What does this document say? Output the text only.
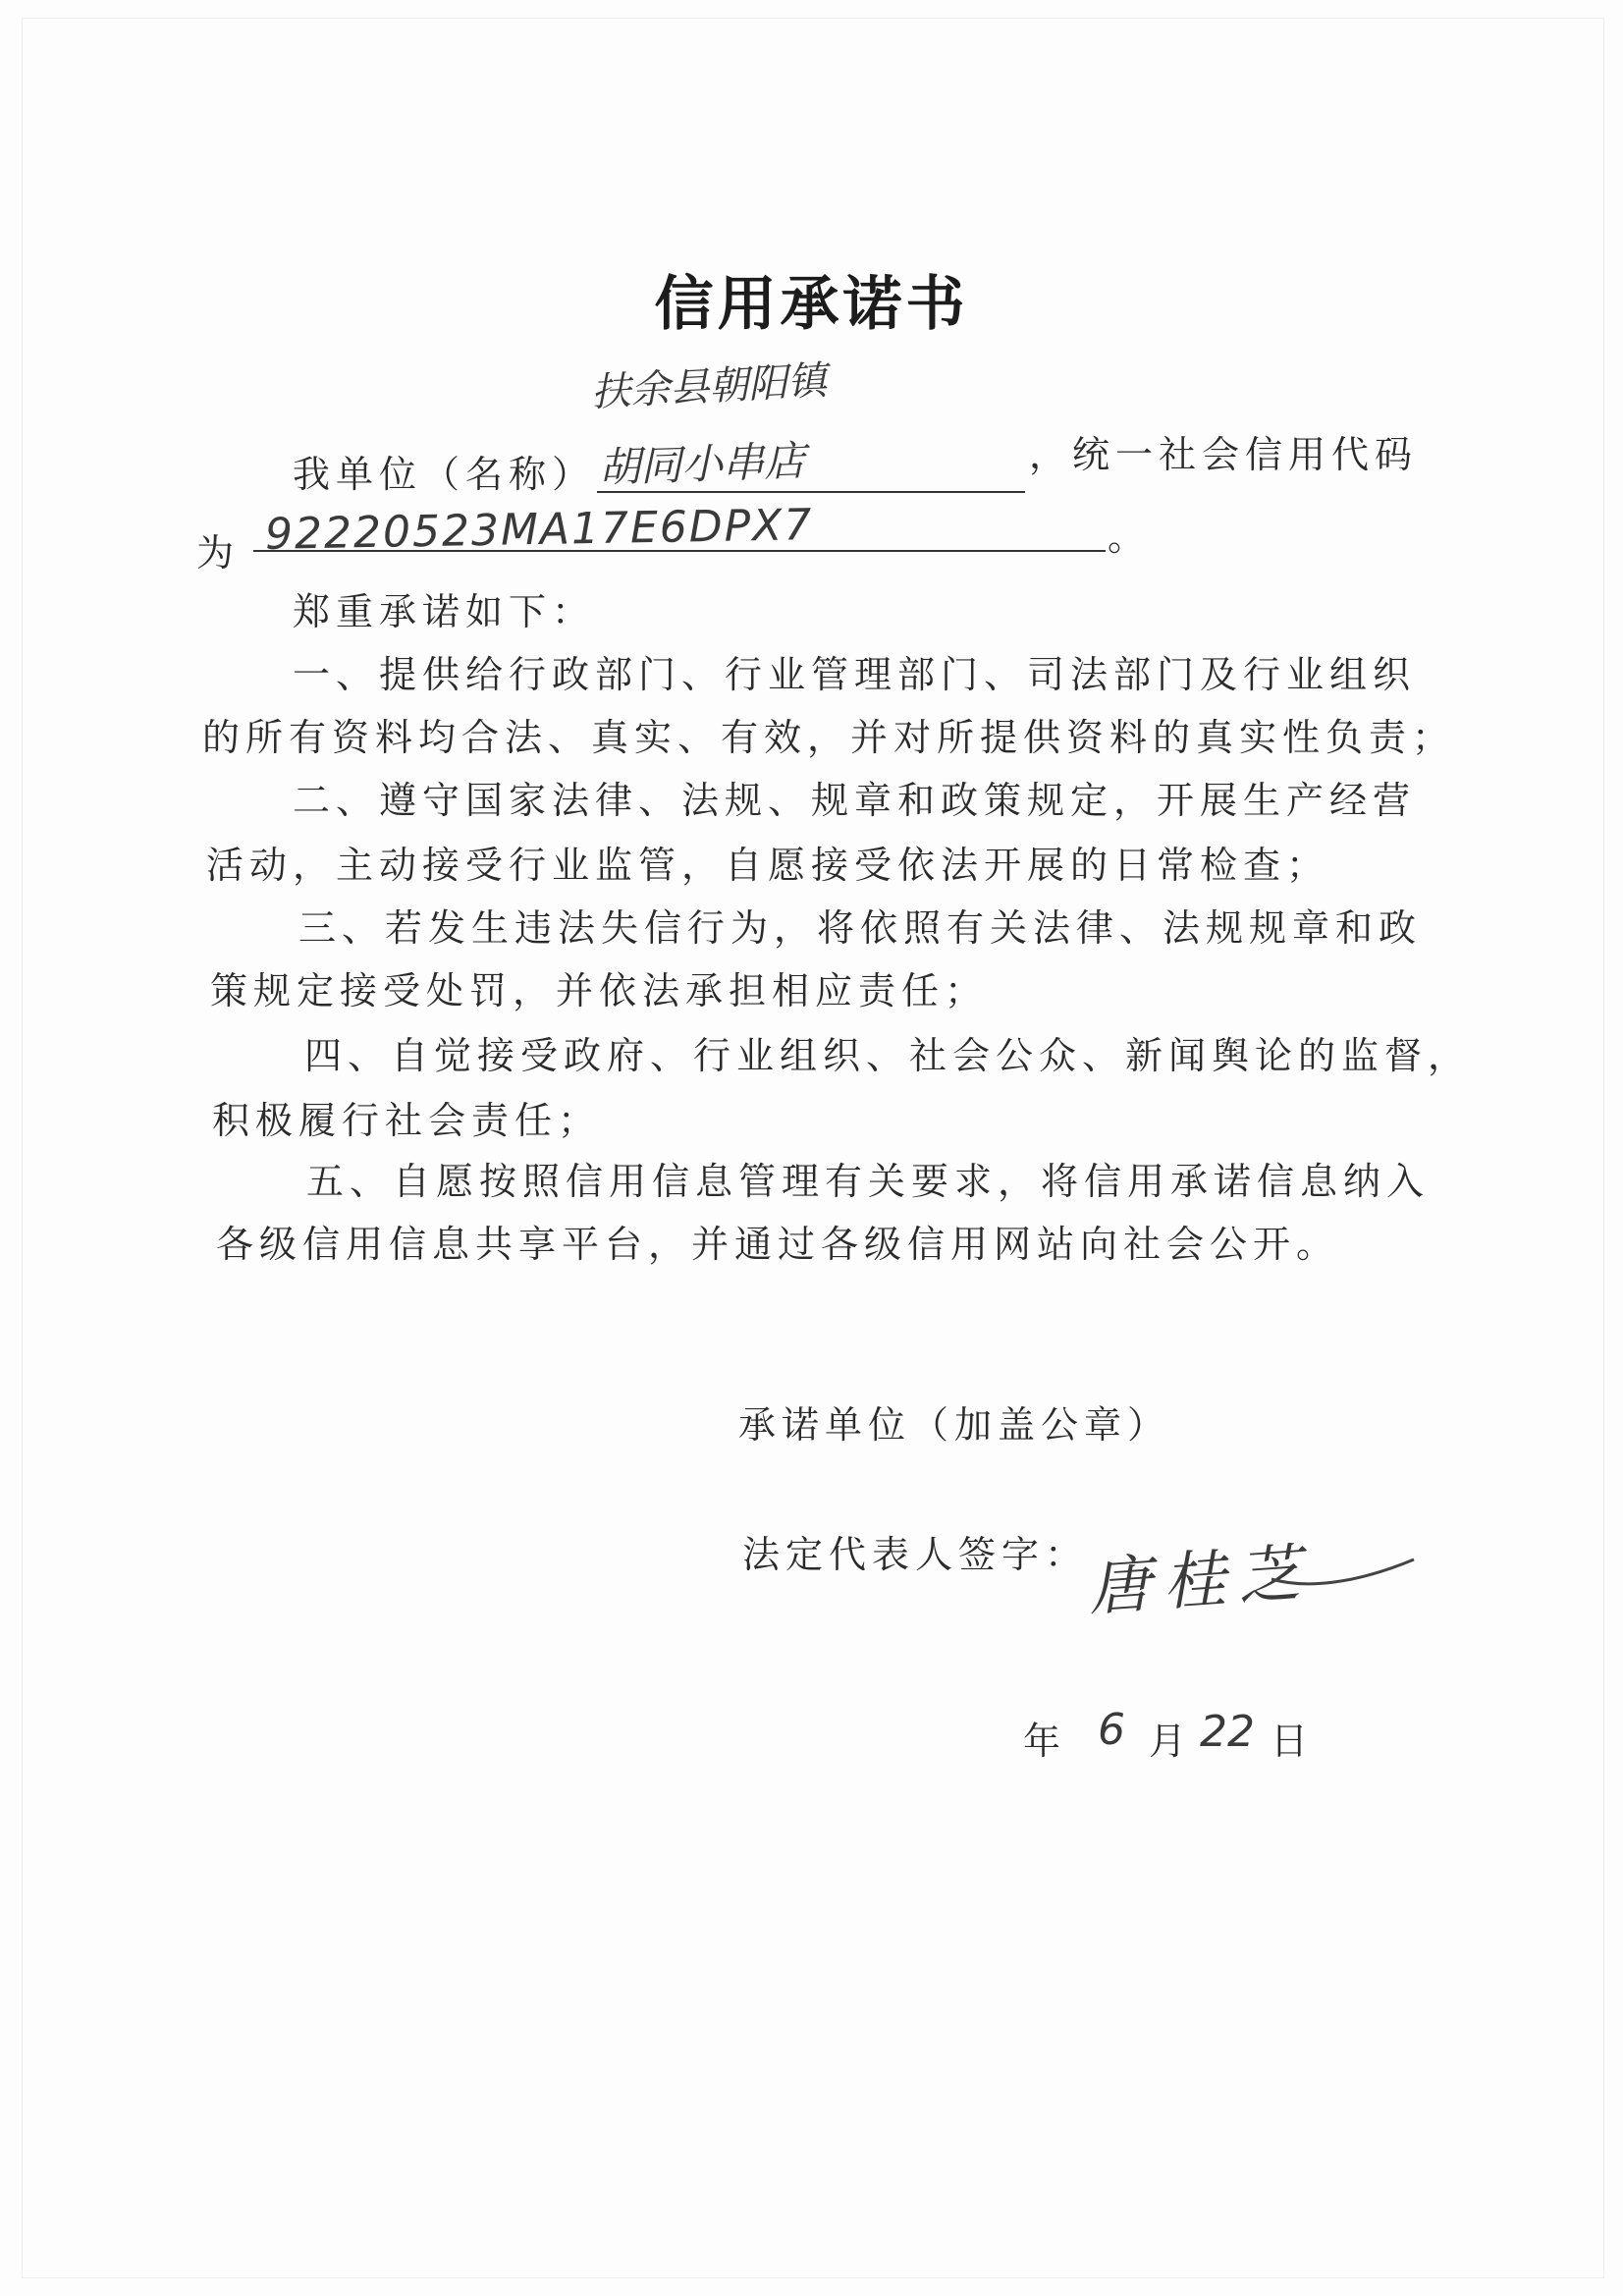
信用承诺书
扶余县朝阳镇
我单位（名称） 胡同小串店	，统一社会信用代码
为 92220523MA17E6DPX7	。
郑重承诺如下：
一、提供给行政部门、行业管理部门、司法部门及行业组织
的所有资料均合法、真实、有效，并对所提供资料的真实性负责；
二、遵守国家法律、法规、规章和政策规定，开展生产经营
活动，主动接受行业监管，自愿接受依法开展的日常检查；
三、若发生违法失信行为，将依照有关法律、法规规章和政
策规定接受处罚，并依法承担相应责任；
四、自觉接受政府、行业组织、社会公众、新闻舆论的监督，
积极履行社会责任；
五、自愿按照信用信息管理有关要求，将信用承诺信息纳入
各级信用信息共享平台，并通过各级信用网站向社会公开。
承诺单位（加盖公章）
法定代表人签字：
唐桂芝
年 6 月 22 日
